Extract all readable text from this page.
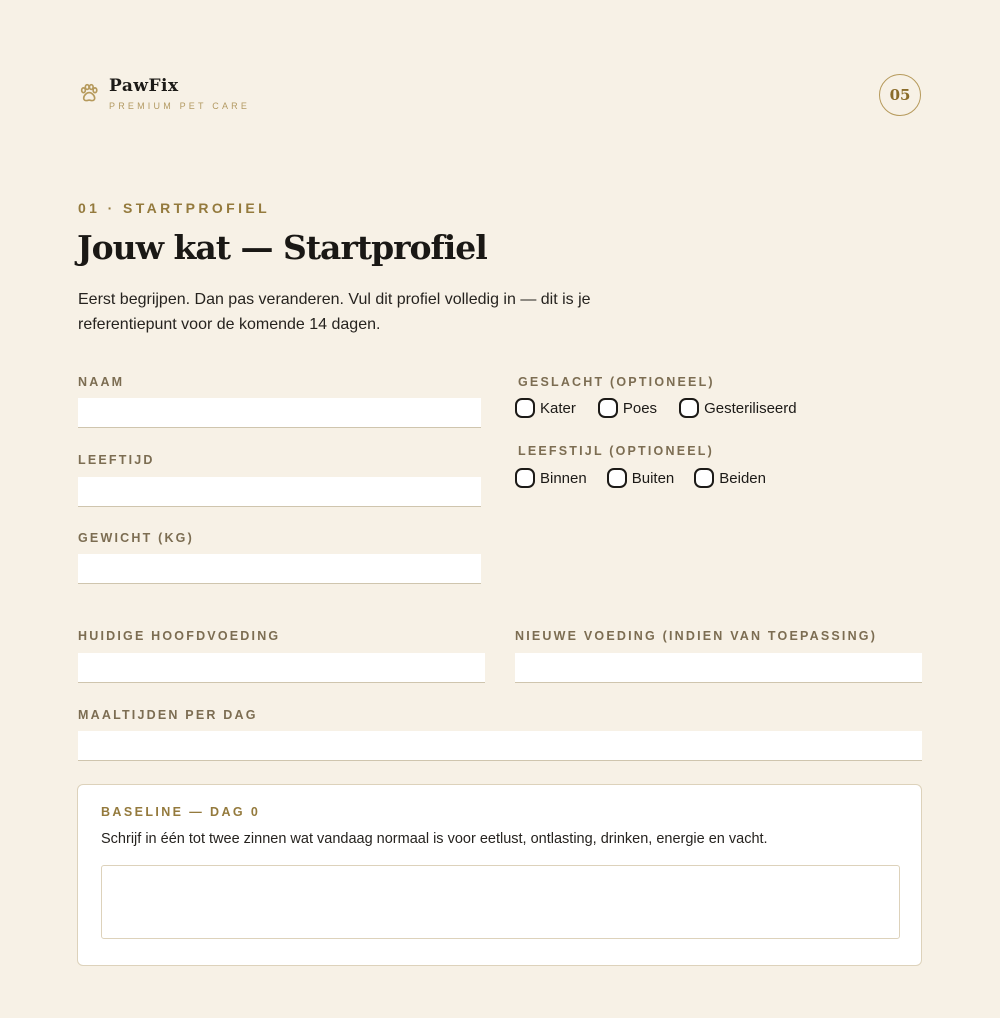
PawFix
PREMIUM PET CARE
05
01 · STARTPROFIEL
Jouw kat — Startprofiel

Eerst begrijpen. Dan pas veranderen. Vul dit profiel volledig in — dit is je referentiepunt voor de komende 14 dagen.

NAAM
LEEFTIJD
GEWICHT (KG)
GESLACHT (OPTIONEEL)
Kater	Poes	Gesteriliseerd
LEEFSTIJL (OPTIONEEL)
Binnen	Buiten	Beiden
HUIDIGE HOOFDVOEDING	NIEUWE VOEDING (INDIEN VAN TOEPASSING)
MAALTIJDEN PER DAG
BASELINE — DAG 0
Schrijf in één tot twee zinnen wat vandaag normaal is voor eetlust, ontlasting, drinken, energie en vacht.
